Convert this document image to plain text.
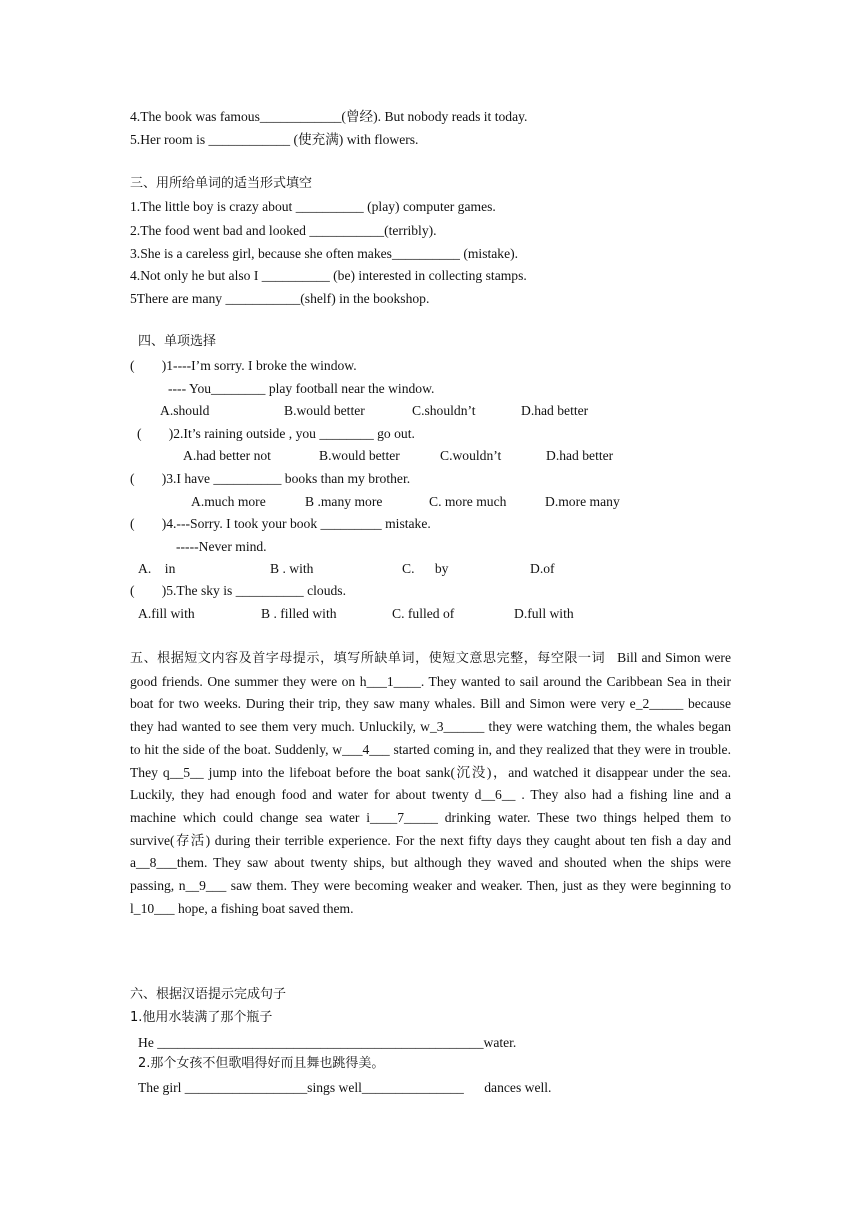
4.The book was famous____________(曾经). But nobody reads it today.
5.Her room is ____________ (使充满) with flowers.
三、用所给单词的适当形式填空
1.The little boy is crazy about __________ (play) computer games.
2.The food went bad and looked ___________(terribly).
3.She is a careless girl, because she often makes__________ (mistake).
4.Not only he but also I __________ (be) interested in collecting stamps.
5There are many ___________(shelf) in the bookshop.
四、单项选择
(        )1----I’m sorry. I broke the window.
---- You________ play football near the window.
A.should	B.would better	C.shouldn’t	D.had better
(        )2.It’s raining outside , you ________ go out.
A.had better not	B.would better	C.wouldn’t	D.had better
(        )3.I have __________ books than my brother.
A.much more	B .many more	C. more much	D.more many
(        )4.---Sorry. I took your book _________ mistake.
-----Never mind.
A.    in	B . with	C.      by	D.of
(        )5.The sky is __________ clouds.
A.fill with	B . filled with	C. fulled of	D.full with
五、根据短文内容及首字母提示，填写所缺单词，使短文意思完整，每空限一词 Bill and Simon were good friends. One summer they were on h___1____. They wanted to sail around the Caribbean Sea in their boat for two weeks. During their trip, they saw many whales. Bill and Simon were very e_2_____ because they had wanted to see them very much. Unluckily, w_3______ they were watching them, the whales began to hit the side of the boat. Suddenly, w___4___ started coming in, and they realized that they were in trouble. They q__5__ jump into the lifeboat before the boat sank(沉没)，and watched it disappear under the sea. Luckily, they had enough food and water for about twenty d__6__ . They also had a fishing line and a machine which could change sea water i____7_____ drinking water. These two things helped them to survive(存活) during their terrible experience. For the next fifty days they caught about ten fish a day and a__8___them. They saw about twenty ships, but although they waved and shouted when the ships were passing, n__9___ saw them. They were becoming weaker and weaker. Then, just as they were beginning to l_10___ hope, a fishing boat saved them.
六、根据汉语提示完成句子
1.他用水装满了那个瓶子
He ________________________________________________water.
2.那个女孩不但歌唱得好而且舞也跳得美。
The girl __________________sings well_______________      dances well.
